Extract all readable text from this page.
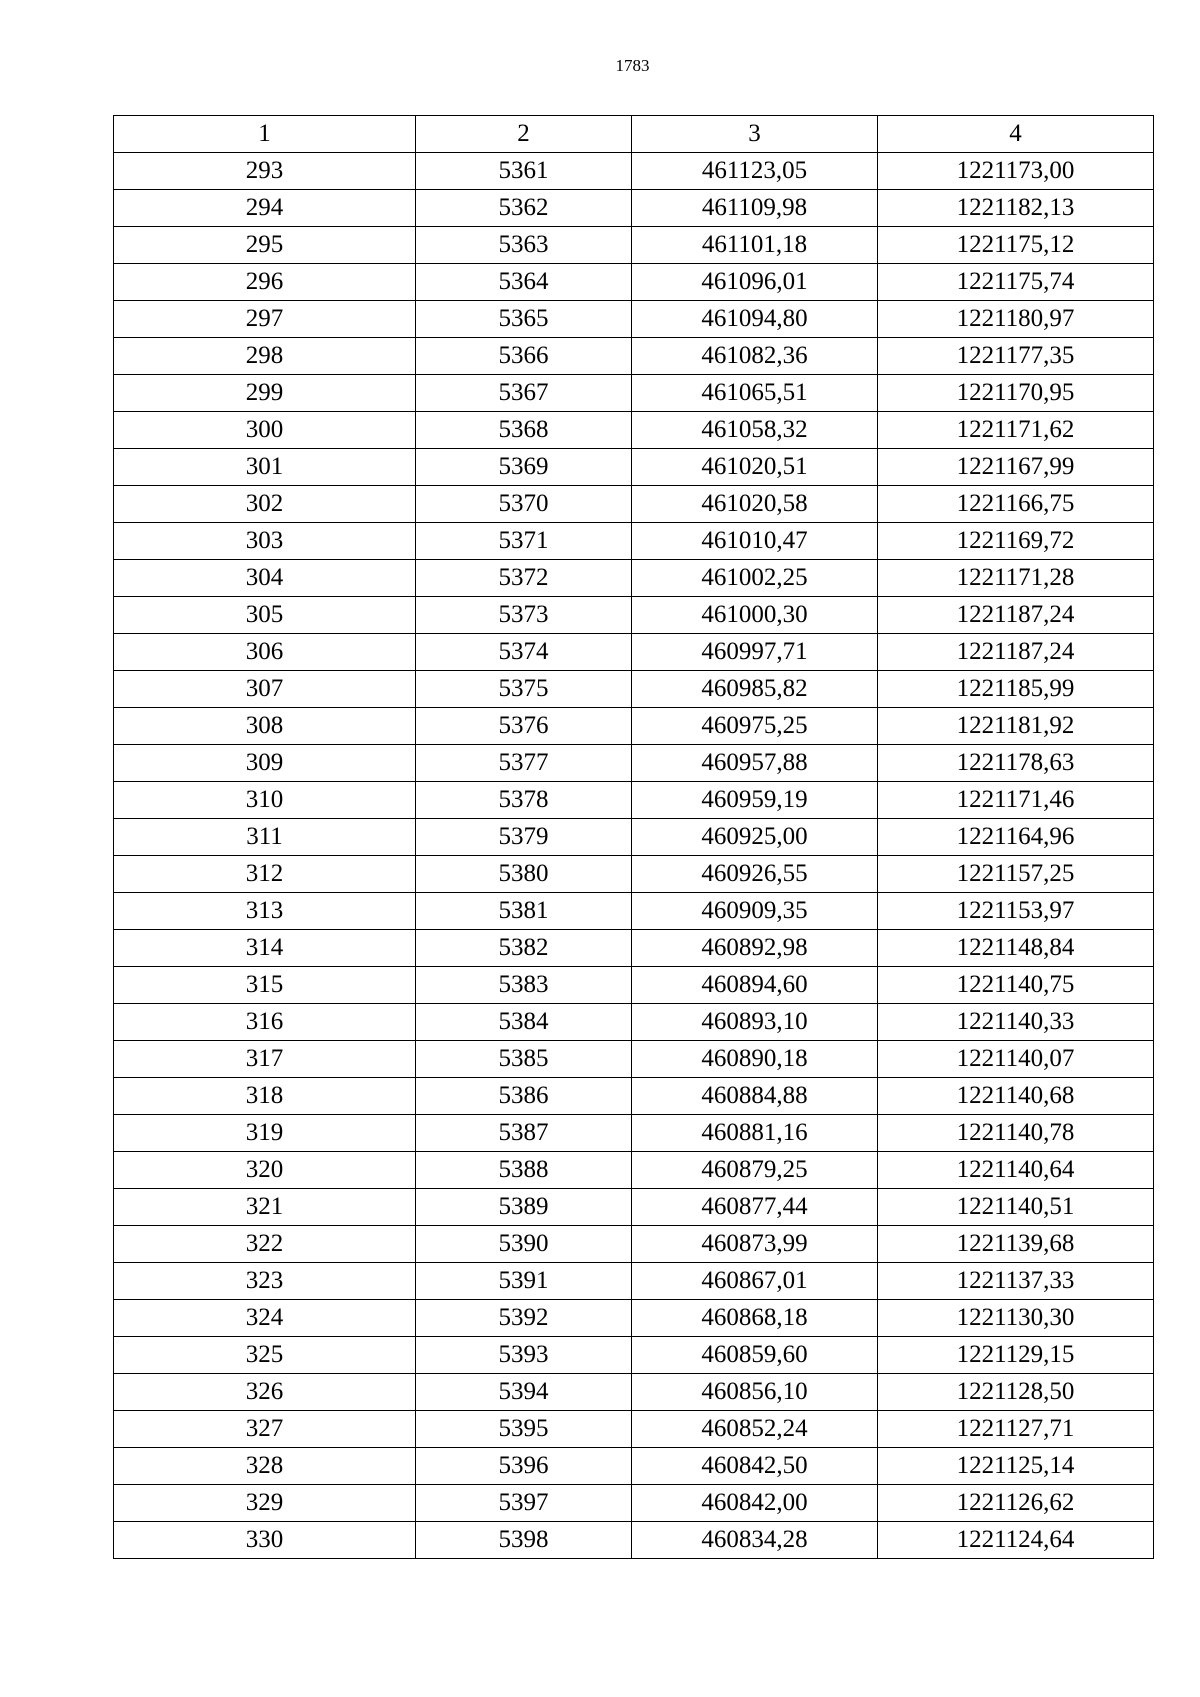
1783
1	2	3	4
293	5361	461123,05	1221173,00
294	5362	461109,98	1221182,13
295	5363	461101,18	1221175,12
296	5364	461096,01	1221175,74
297	5365	461094,80	1221180,97
298	5366	461082,36	1221177,35
299	5367	461065,51	1221170,95
300	5368	461058,32	1221171,62
301	5369	461020,51	1221167,99
302	5370	461020,58	1221166,75
303	5371	461010,47	1221169,72
304	5372	461002,25	1221171,28
305	5373	461000,30	1221187,24
306	5374	460997,71	1221187,24
307	5375	460985,82	1221185,99
308	5376	460975,25	1221181,92
309	5377	460957,88	1221178,63
310	5378	460959,19	1221171,46
311	5379	460925,00	1221164,96
312	5380	460926,55	1221157,25
313	5381	460909,35	1221153,97
314	5382	460892,98	1221148,84
315	5383	460894,60	1221140,75
316	5384	460893,10	1221140,33
317	5385	460890,18	1221140,07
318	5386	460884,88	1221140,68
319	5387	460881,16	1221140,78
320	5388	460879,25	1221140,64
321	5389	460877,44	1221140,51
322	5390	460873,99	1221139,68
323	5391	460867,01	1221137,33
324	5392	460868,18	1221130,30
325	5393	460859,60	1221129,15
326	5394	460856,10	1221128,50
327	5395	460852,24	1221127,71
328	5396	460842,50	1221125,14
329	5397	460842,00	1221126,62
330	5398	460834,28	1221124,64
